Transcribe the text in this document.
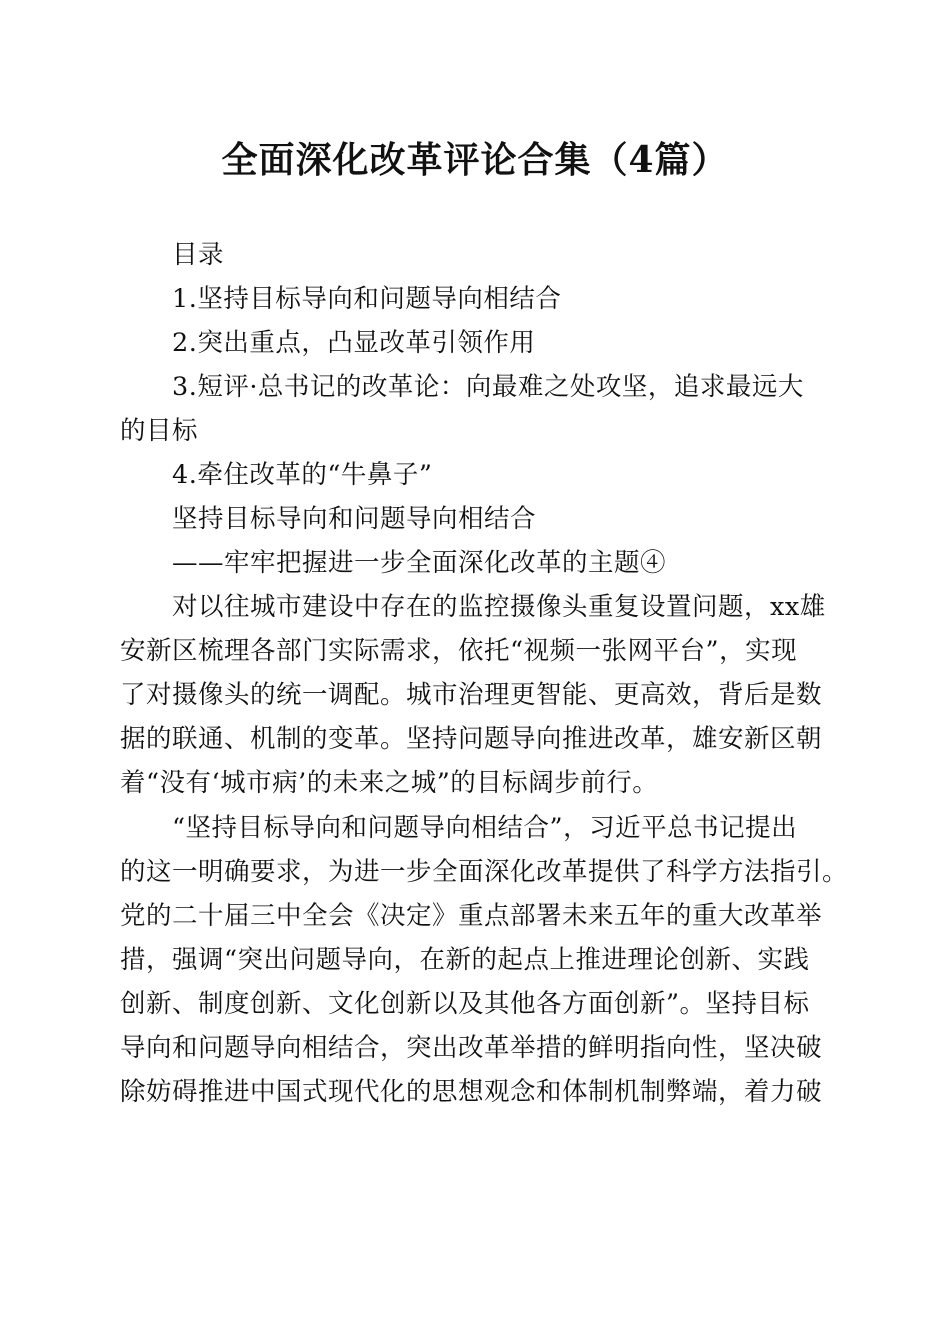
全面深化改革评论合集（4篇）
目录
1.坚持目标导向和问题导向相结合
2.突出重点，凸显改革引领作用
3.短评·总书记的改革论：向最难之处攻坚，追求最远大
的目标
4.牵住改革的“牛鼻子”
坚持目标导向和问题导向相结合
——牢牢把握进一步全面深化改革的主题④
对以往城市建设中存在的监控摄像头重复设置问题，xx雄
安新区梳理各部门实际需求，依托“视频一张网平台”，实现
了对摄像头的统一调配。城市治理更智能、更高效，背后是数
据的联通、机制的变革。坚持问题导向推进改革，雄安新区朝
着“没有‘城市病’的未来之城”的目标阔步前行。
“坚持目标导向和问题导向相结合”，习近平总书记提出
的这一明确要求，为进一步全面深化改革提供了科学方法指引。
党的二十届三中全会《决定》重点部署未来五年的重大改革举
措，强调“突出问题导向，在新的起点上推进理论创新、实践
创新、制度创新、文化创新以及其他各方面创新”。坚持目标
导向和问题导向相结合，突出改革举措的鲜明指向性，坚决破
除妨碍推进中国式现代化的思想观念和体制机制弊端，着力破
